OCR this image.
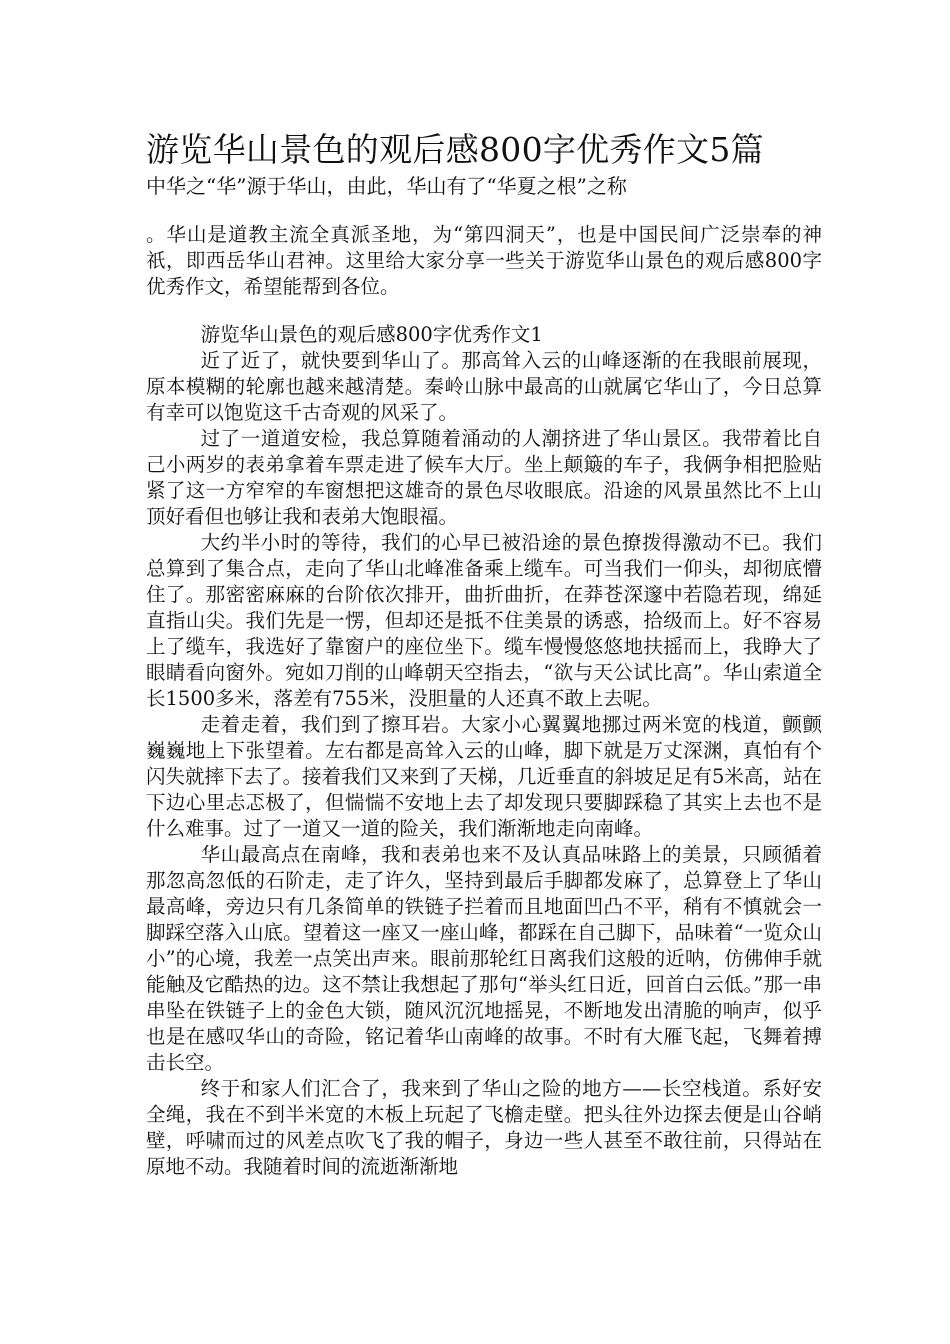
游览华山景色的观后感800字优秀作文5篇
中华之“华”源于华山，由此，华山有了“华夏之根”之称

。华山是道教主流全真派圣地，为“第四洞天”，也是中国民间广泛崇奉的神祇，即西岳华山君神。这里给大家分享一些关于游览华山景色的观后感800字优秀作文，希望能帮到各位。

游览华山景色的观后感800字优秀作文1

近了近了，就快要到华山了。那高耸入云的山峰逐渐的在我眼前展现，原本模糊的轮廓也越来越清楚。秦岭山脉中最高的山就属它华山了，今日总算有幸可以饱览这千古奇观的风采了。

过了一道道安检，我总算随着涌动的人潮挤进了华山景区。我带着比自己小两岁的表弟拿着车票走进了候车大厅。坐上颠簸的车子，我俩争相把脸贴紧了这一方窄窄的车窗想把这雄奇的景色尽收眼底。沿途的风景虽然比不上山顶好看但也够让我和表弟大饱眼福。

大约半小时的等待，我们的心早已被沿途的景色撩拨得激动不已。我们总算到了集合点，走向了华山北峰准备乘上缆车。可当我们一仰头，却彻底懵住了。那密密麻麻的台阶依次排开，曲折曲折，在莽苍深邃中若隐若现，绵延直指山尖。我们先是一愣，但却还是抵不住美景的诱惑，拾级而上。好不容易上了缆车，我选好了靠窗户的座位坐下。缆车慢慢悠悠地扶摇而上，我睁大了眼睛看向窗外。宛如刀削的山峰朝天空指去，“欲与天公试比高”。华山索道全长1500多米，落差有755米，没胆量的人还真不敢上去呢。

走着走着，我们到了擦耳岩。大家小心翼翼地挪过两米宽的栈道，颤颤巍巍地上下张望着。左右都是高耸入云的山峰，脚下就是万丈深渊，真怕有个闪失就摔下去了。接着我们又来到了天梯，几近垂直的斜坡足足有5米高，站在下边心里忐忑极了，但惴惴不安地上去了却发现只要脚踩稳了其实上去也不是什么难事。过了一道又一道的险关，我们渐渐地走向南峰。

华山最高点在南峰，我和表弟也来不及认真品味路上的美景，只顾循着那忽高忽低的石阶走，走了许久，坚持到最后手脚都发麻了，总算登上了华山最高峰，旁边只有几条简单的铁链子拦着而且地面凹凸不平，稍有不慎就会一脚踩空落入山底。望着这一座又一座山峰，都踩在自己脚下，品味着“一览众山小”的心境，我差一点笑出声来。眼前那轮红日离我们这般的近呐，仿佛伸手就能触及它酷热的边。这不禁让我想起了那句“举头红日近，回首白云低。”那一串串坠在铁链子上的金色大锁，随风沉沉地摇晃，不断地发出清脆的响声，似乎也是在感叹华山的奇险，铭记着华山南峰的故事。不时有大雁飞起，飞舞着搏击长空。

终于和家人们汇合了，我来到了华山之险的地方——长空栈道。系好安全绳，我在不到半米宽的木板上玩起了飞檐走壁。把头往外边探去便是山谷峭壁，呼啸而过的风差点吹飞了我的帽子，身边一些人甚至不敢往前，只得站在原地不动。我随着时间的流逝渐渐地
